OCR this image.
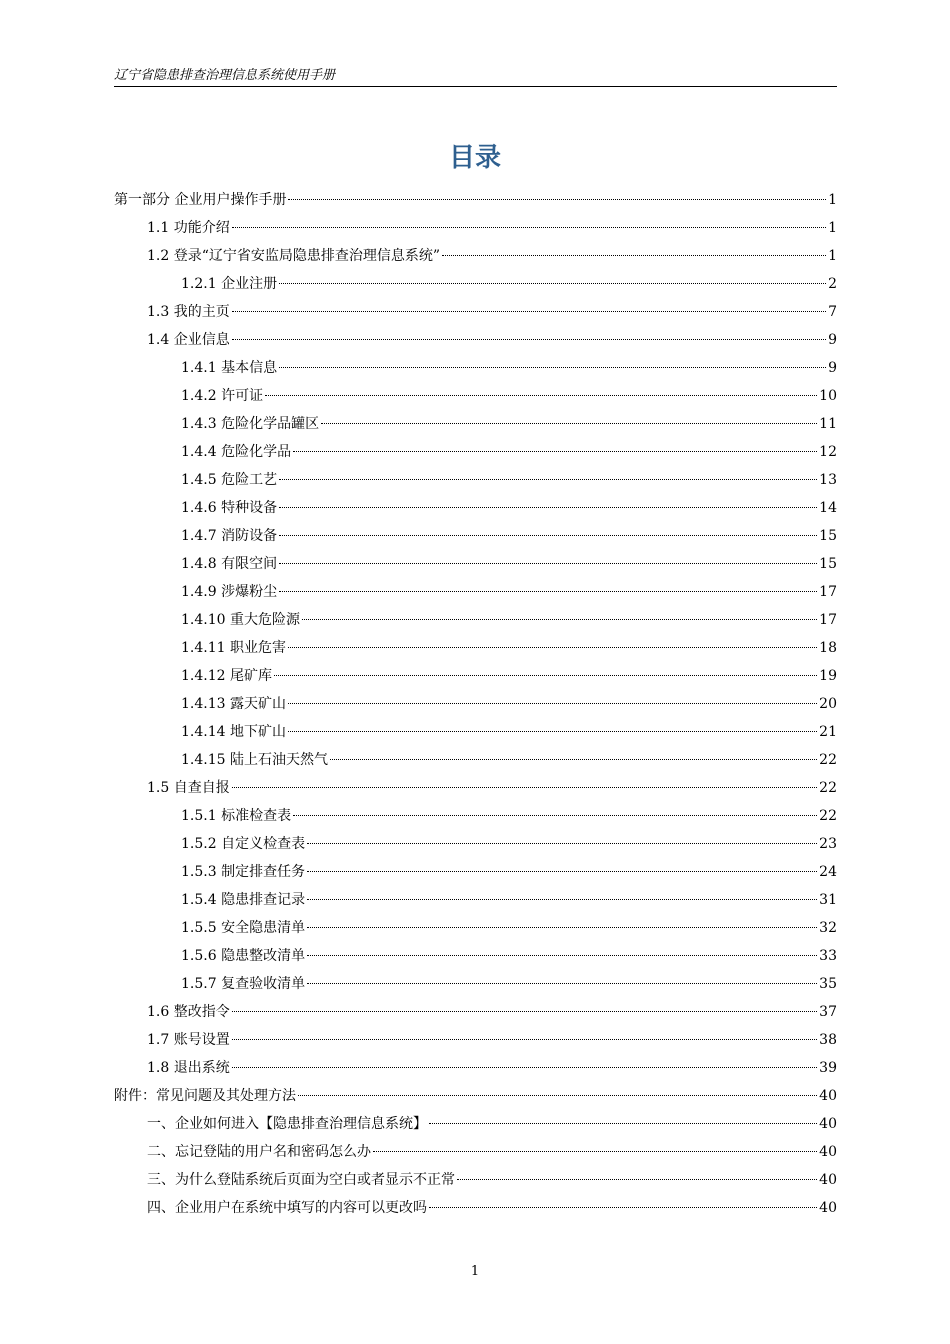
辽宁省隐患排查治理信息系统使用手册
目录
第一部分 企业用户操作手册	1
1.1 功能介绍	1
1.2 登录“辽宁省安监局隐患排查治理信息系统”	1
1.2.1 企业注册	2
1.3 我的主页	7
1.4 企业信息	9
1.4.1 基本信息	9
1.4.2 许可证	10
1.4.3 危险化学品罐区	11
1.4.4 危险化学品	12
1.4.5 危险工艺	13
1.4.6 特种设备	14
1.4.7 消防设备	15
1.4.8 有限空间	15
1.4.9 涉爆粉尘	17
1.4.10 重大危险源	17
1.4.11 职业危害	18
1.4.12 尾矿库	19
1.4.13 露天矿山	20
1.4.14 地下矿山	21
1.4.15 陆上石油天然气	22
1.5 自查自报	22
1.5.1 标准检查表	22
1.5.2 自定义检查表	23
1.5.3 制定排查任务	24
1.5.4 隐患排查记录	31
1.5.5 安全隐患清单	32
1.5.6 隐患整改清单	33
1.5.7 复查验收清单	35
1.6 整改指令	37
1.7 账号设置	38
1.8 退出系统	39
附件：常见问题及其处理方法	40
一、企业如何进入【隐患排查治理信息系统】	40
二、忘记登陆的用户名和密码怎么办	40
三、为什么登陆系统后页面为空白或者显示不正常	40
四、企业用户在系统中填写的内容可以更改吗	40
1
